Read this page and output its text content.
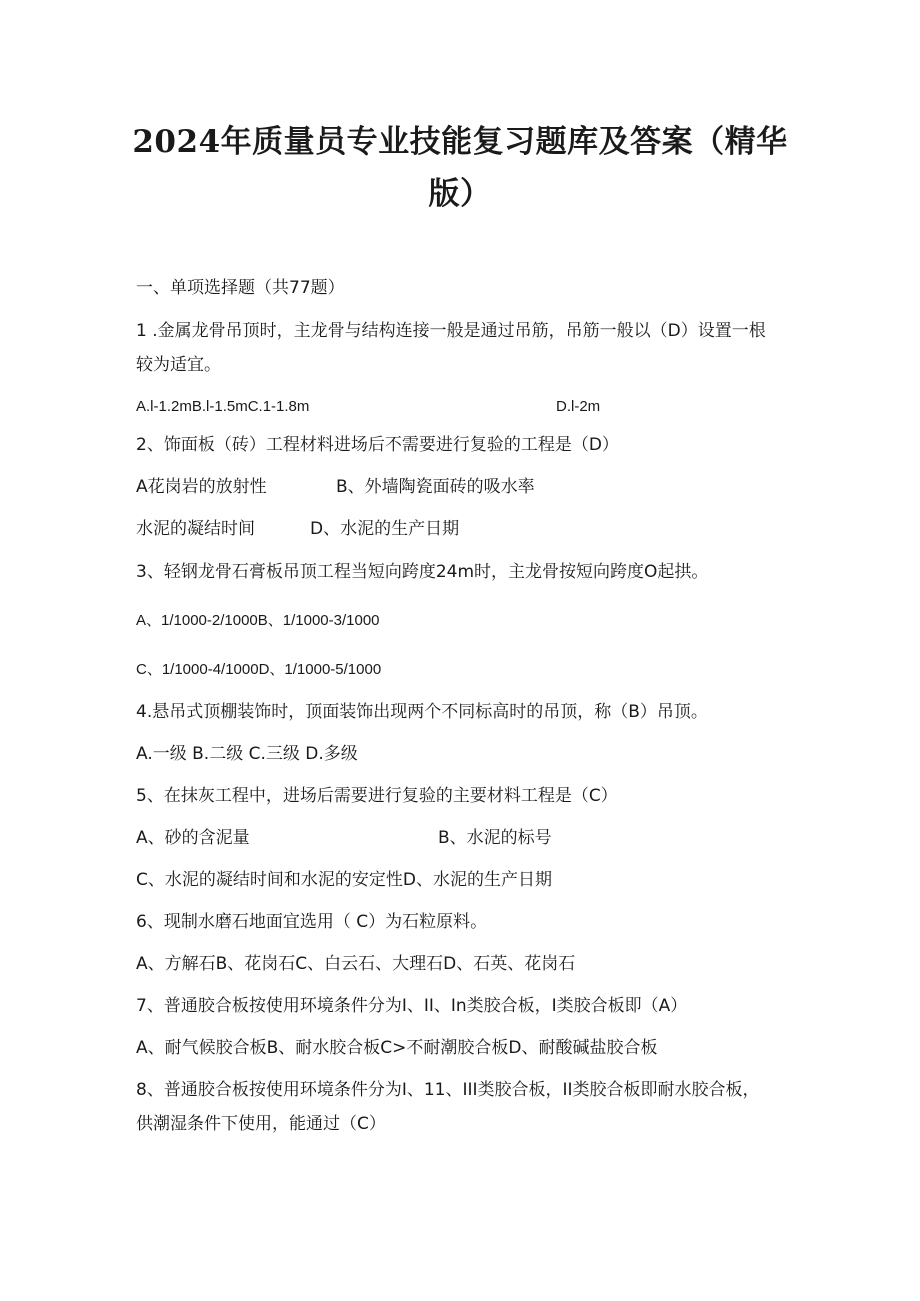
2024年质量员专业技能复习题库及答案（精华版）
一、单项选择题（共77题）
1 .金属龙骨吊顶时，主龙骨与结构连接一般是通过吊筋，吊筋一般以（D）设置一根较为适宜。
A.l-1.2mB.l-1.5mC.1-1.8m	D.l-2m
2、饰面板（砖）工程材料进场后不需要进行复验的工程是（D）
A花岗岩的放射性	B、外墙陶瓷面砖的吸水率
水泥的凝结时间	D、水泥的生产日期
3、轻钢龙骨石膏板吊顶工程当短向跨度24m时，主龙骨按短向跨度O起拱。
A、1/1000-2/1000B、1/1000-3/1000
C、1/1000-4/1000D、1/1000-5/1000
4.悬吊式顶棚装饰时，顶面装饰出现两个不同标高时的吊顶，称（B）吊顶。
A.一级 B.二级 C.三级 D.多级
5、在抹灰工程中，进场后需要进行复验的主要材料工程是（C）
A、砂的含泥量	B、水泥的标号
C、水泥的凝结时间和水泥的安定性D、水泥的生产日期
6、现制水磨石地面宜选用（ C）为石粒原料。
A、方解石B、花岗石C、白云石、大理石D、石英、花岗石
7、普通胶合板按使用环境条件分为I、II、In类胶合板，I类胶合板即（A）
A、耐气候胶合板B、耐水胶合板C>不耐潮胶合板D、耐酸碱盐胶合板
8、普通胶合板按使用环境条件分为I、11、III类胶合板，II类胶合板即耐水胶合板，供潮湿条件下使用，能通过（C）
